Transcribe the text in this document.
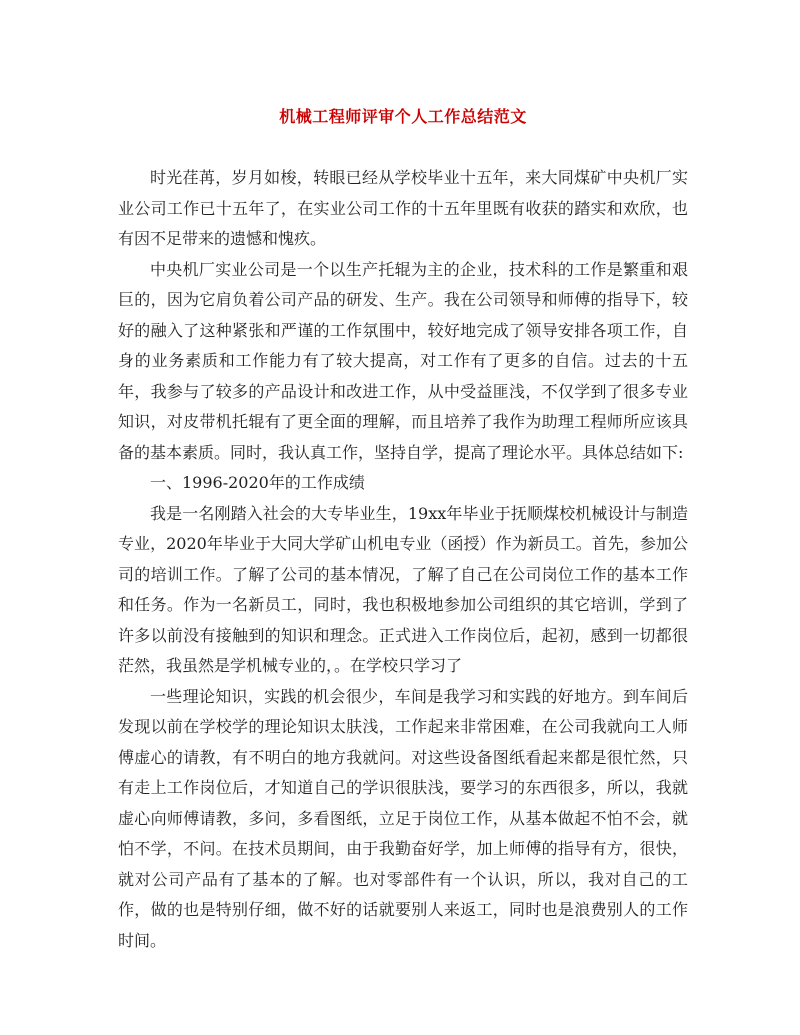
机械工程师评审个人工作总结范文

时光荏苒，岁月如梭，转眼已经从学校毕业十五年，来大同煤矿中央机厂实业公司工作已十五年了，在实业公司工作的十五年里既有收获的踏实和欢欣，也有因不足带来的遗憾和愧疚。

中央机厂实业公司是一个以生产托辊为主的企业，技术科的工作是繁重和艰巨的，因为它肩负着公司产品的研发、生产。我在公司领导和师傅的指导下，较好的融入了这种紧张和严谨的工作氛围中，较好地完成了领导安排各项工作，自身的业务素质和工作能力有了较大提高，对工作有了更多的自信。过去的十五年，我参与了较多的产品设计和改进工作，从中受益匪浅，不仅学到了很多专业知识，对皮带机托辊有了更全面的理解，而且培养了我作为助理工程师所应该具备的基本素质。同时，我认真工作，坚持自学，提高了理论水平。具体总结如下:

一、1996-2020年的工作成绩

我是一名刚踏入社会的大专毕业生，19xx年毕业于抚顺煤校机械设计与制造专业，2020年毕业于大同大学矿山机电专业（函授）作为新员工。首先，参加公司的培训工作。了解了公司的基本情况，了解了自己在公司岗位工作的基本工作和任务。作为一名新员工，同时，我也积极地参加公司组织的其它培训，学到了许多以前没有接触到的知识和理念。正式进入工作岗位后，起初，感到一切都很茫然，我虽然是学机械专业的，。在学校只学习了

一些理论知识，实践的机会很少，车间是我学习和实践的好地方。到车间后发现以前在学校学的理论知识太肤浅，工作起来非常困难，在公司我就向工人师傅虚心的请教，有不明白的地方我就问。对这些设备图纸看起来都是很忙然，只有走上工作岗位后，才知道自己的学识很肤浅，要学习的东西很多，所以，我就虚心向师傅请教，多问，多看图纸，立足于岗位工作，从基本做起不怕不会，就怕不学，不问。在技术员期间，由于我勤奋好学，加上师傅的指导有方，很快，就对公司产品有了基本的了解。也对零部件有一个认识，所以，我对自己的工作，做的也是特别仔细，做不好的话就要别人来返工，同时也是浪费别人的工作时间。
